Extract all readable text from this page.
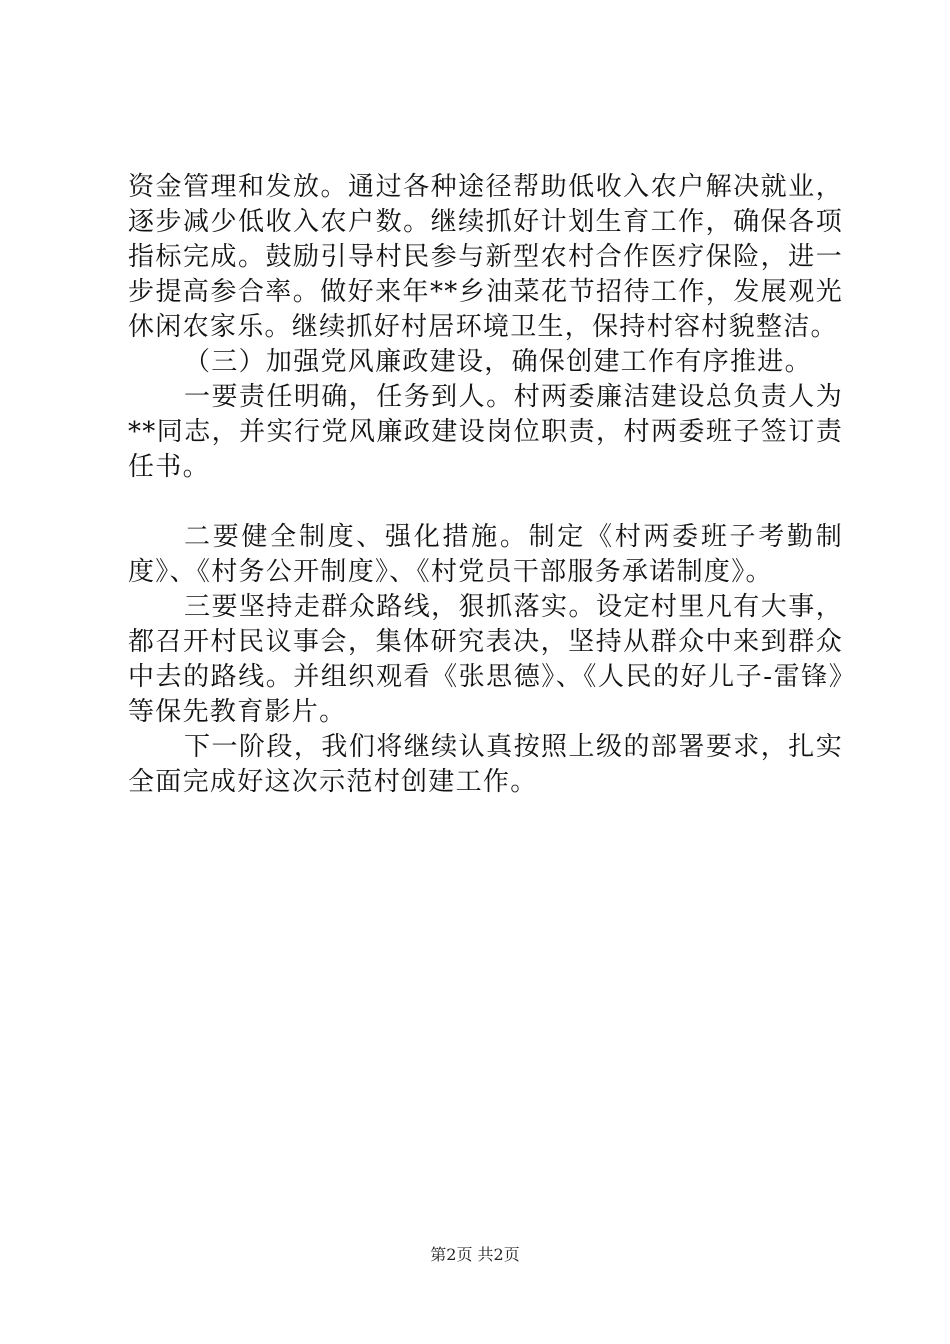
资金管理和发放。通过各种途径帮助低收入农户解决就业，逐步减少低收入农户数。继续抓好计划生育工作，确保各项指标完成。鼓励引导村民参与新型农村合作医疗保险，进一步提高参合率。做好来年**乡油菜花节招待工作，发展观光休闲农家乐。继续抓好村居环境卫生，保持村容村貌整洁。

（三）加强党风廉政建设，确保创建工作有序推进。

一要责任明确，任务到人。村两委廉洁建设总负责人为**同志，并实行党风廉政建设岗位职责，村两委班子签订责任书。

二要健全制度、强化措施。制定《村两委班子考勤制度》、《村务公开制度》、《村党员干部服务承诺制度》。

三要坚持走群众路线，狠抓落实。设定村里凡有大事，都召开村民议事会，集体研究表决，坚持从群众中来到群众中去的路线。并组织观看《张思德》、《人民的好儿子-雷锋》等保先教育影片。

下一阶段，我们将继续认真按照上级的部署要求，扎实全面完成好这次示范村创建工作。

第2页 共2页
